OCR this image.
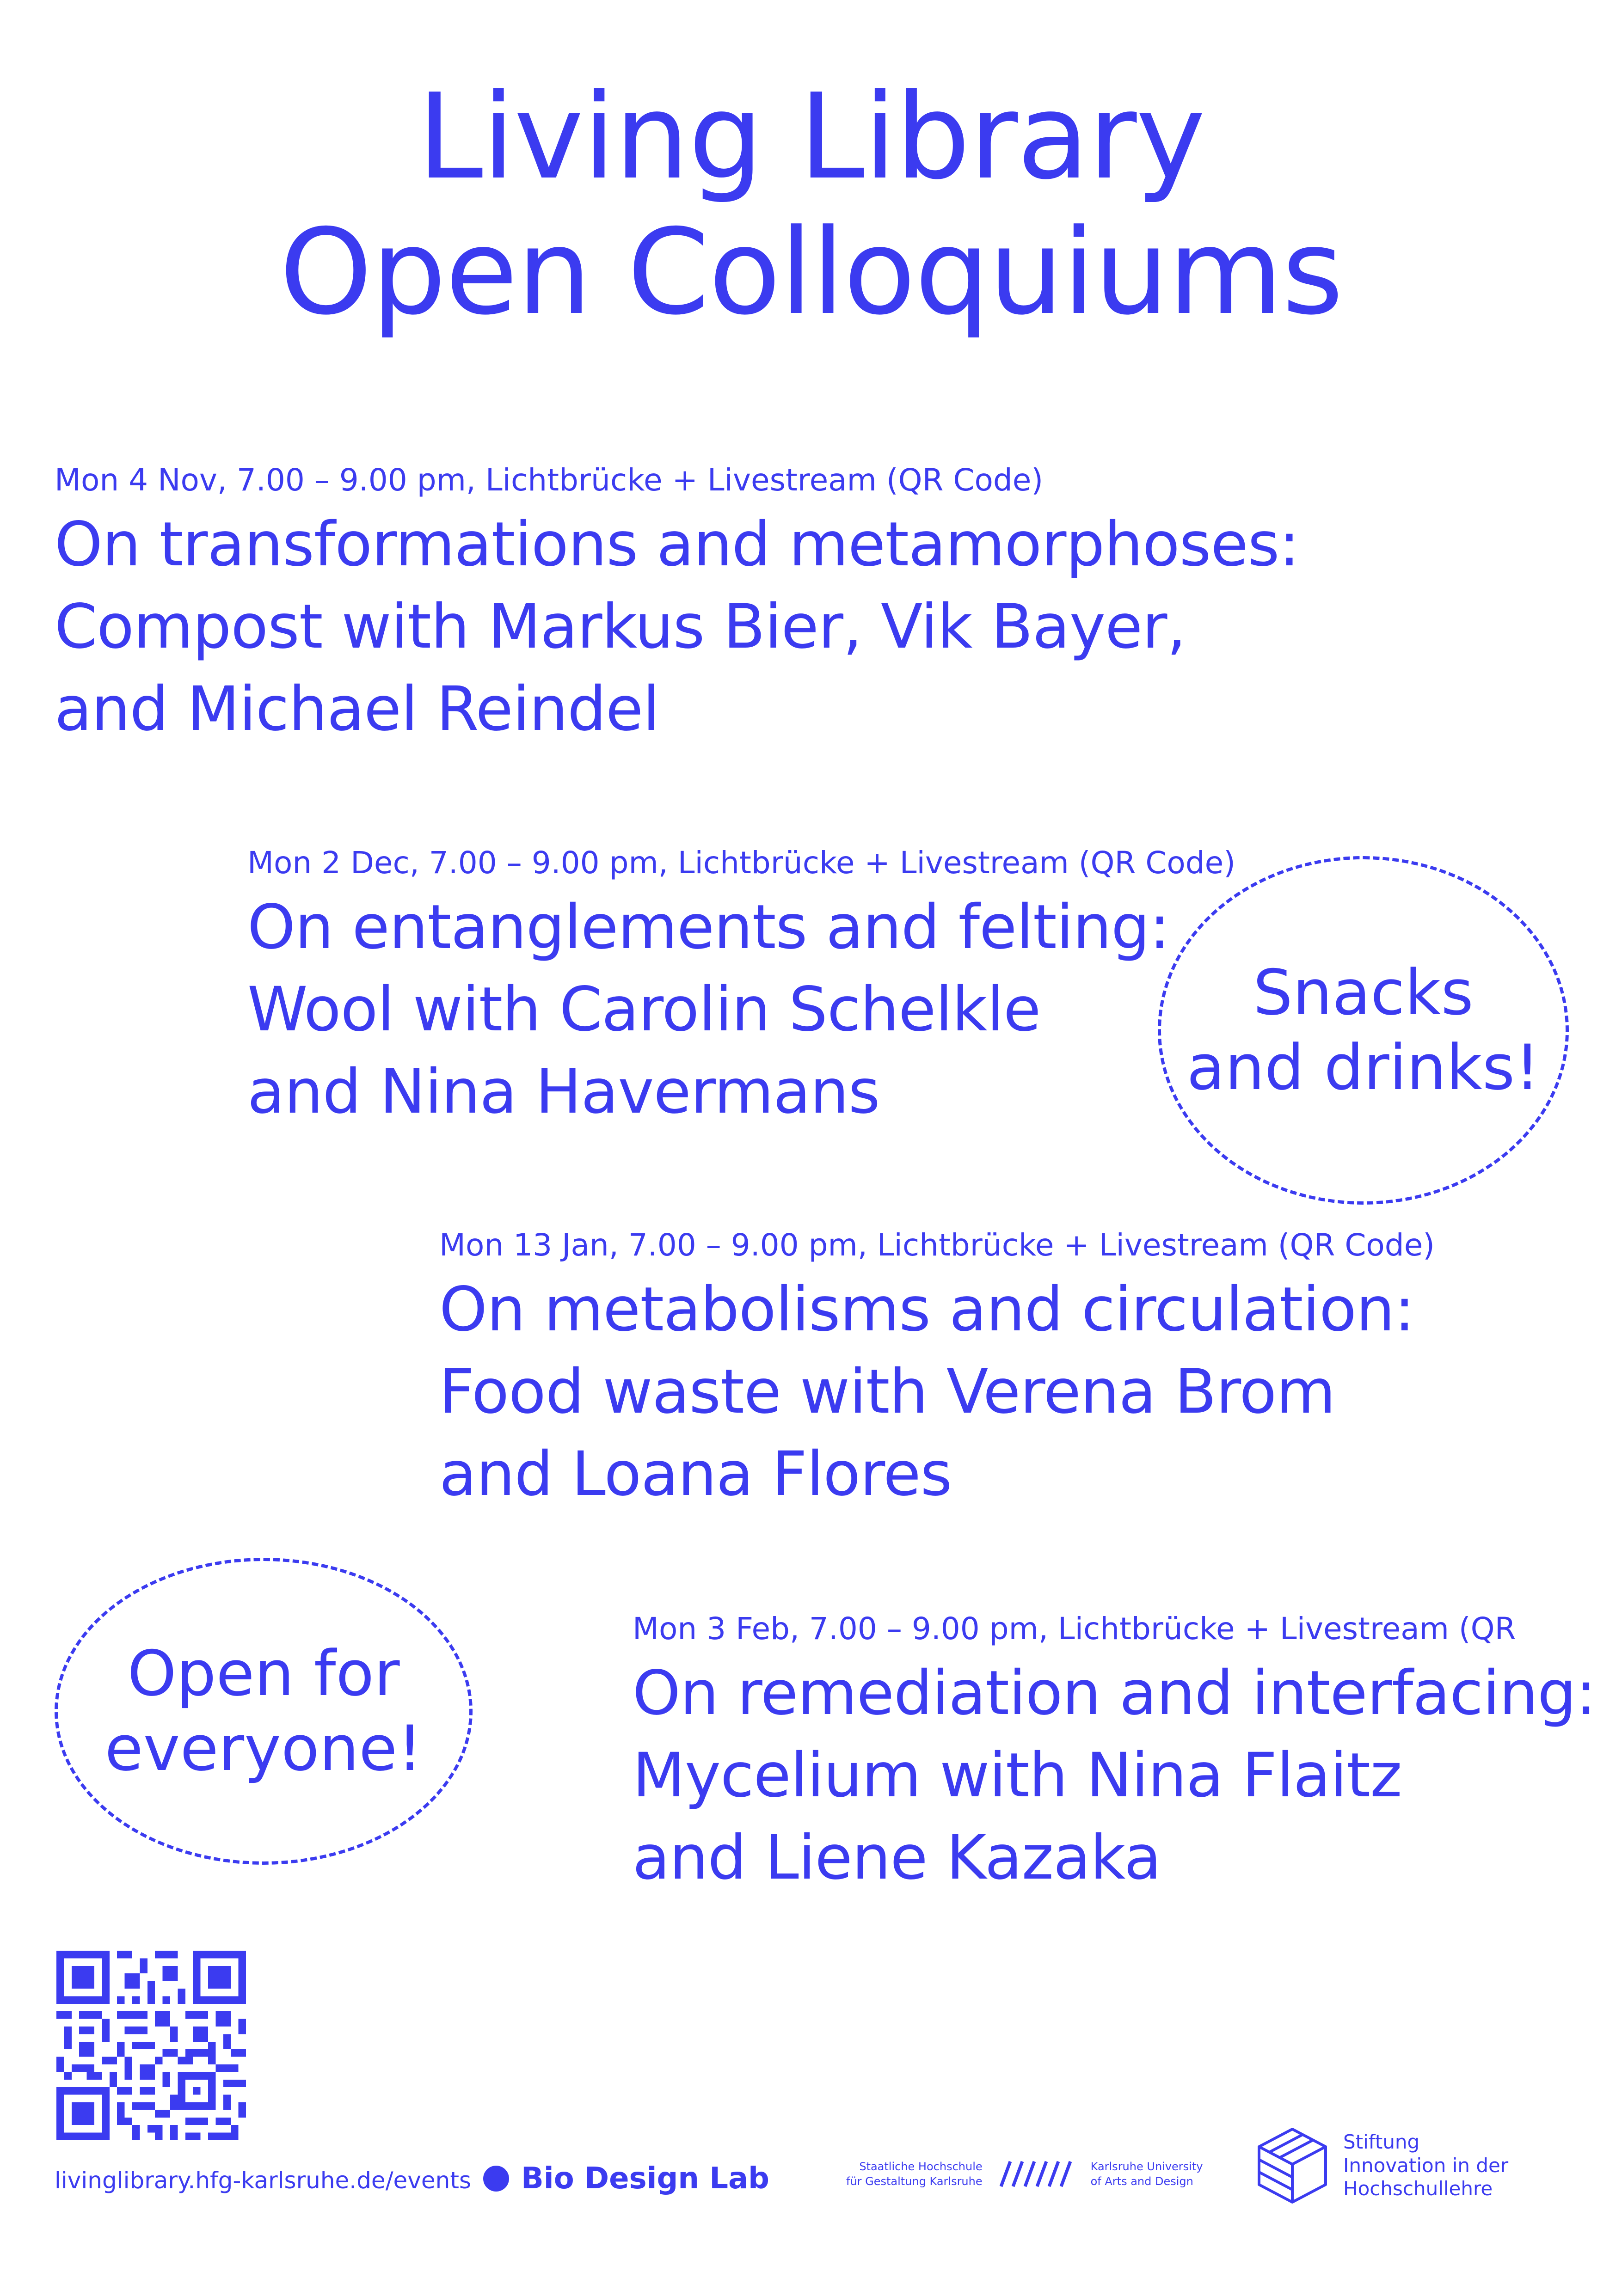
Living Library
Open Colloquiums
Mon 4 Nov, 7.00 – 9.00 pm, Lichtbrücke + Livestream (QR Code)
On transformations and metamorphoses:
Compost with Markus Bier, Vik Bayer,
and Michael Reindel
Mon 2 Dec, 7.00 – 9.00 pm, Lichtbrücke + Livestream (QR Code)
On entanglements and felting:
Wool with Carolin Schelkle
and Nina Havermans
Snacks
and drinks!
Mon 13 Jan, 7.00 – 9.00 pm, Lichtbrücke + Livestream (QR Code)
On metabolisms and circulation:
Food waste with Verena Brom
and Loana Flores
Open for
everyone!
Mon 3 Feb, 7.00 – 9.00 pm, Lichtbrücke + Livestream (QR
On remediation and interfacing:
Mycelium with Nina Flaitz
and Liene Kazaka
livinglibrary.hfg-karlsruhe.de/events Bio Design Lab	Staatliche Hochschule
für Gestaltung Karlsruhe
Karlsruhe University
of Arts and Design
Stiftung
Innovation in der
Hochschullehre
